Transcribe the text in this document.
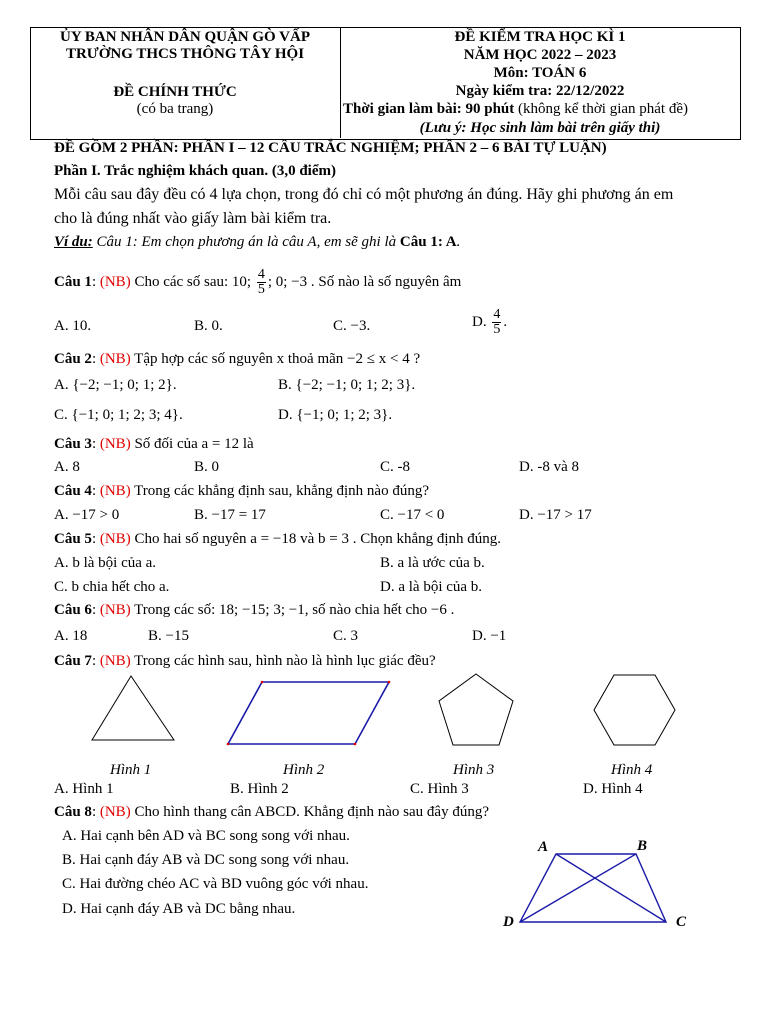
ỦY BAN NHÂN DÂN QUẬN GÒ VẤP
TRƯỜNG THCS THÔNG TÂY HỘI
ĐỀ CHÍNH THỨC
(có ba trang)
ĐỀ KIỂM TRA HỌC KÌ 1
NĂM HỌC 2022 – 2023
Môn: TOÁN 6
Ngày kiểm tra: 22/12/2022
Thời gian làm bài: 90 phút (không kể thời gian phát đề)
(Lưu ý: Học sinh làm bài trên giấy thi)
ĐỀ GỒM 2 PHẦN: PHẦN I – 12 CÂU TRẮC NGHIỆM; PHẦN 2 – 6 BÀI TỰ LUẬN)
Phần I. Trắc nghiệm khách quan. (3,0 điểm)
Mỗi câu sau đây đều có 4 lựa chọn, trong đó chỉ có một phương án đúng. Hãy ghi phương án em
cho là đúng nhất vào giấy làm bài kiểm tra.
Ví du: Câu 1: Em chọn phương án là câu A, em sẽ ghi là Câu 1: A.
Câu 1: (NB) Cho các số sau: 10; $\frac{4}{5}$ ; 0; −3 . Số nào là số nguyên âm
A. 10.	B. 0.	C. −3.	D. $\frac{4}{5}$ .
Câu 2: (NB) Tập hợp các số nguyên x thoả mãn −2 ≤ x < 4 ?
A. {−2; −1; 0; 1; 2}.	B. {−2; −1; 0; 1; 2; 3}.
C. {−1; 0; 1; 2; 3; 4}.	D. {−1; 0; 1; 2; 3}.
Câu 3: (NB) Số đối của a = 12 là
A. 8	B. 0	C. -8	D. -8 và 8
Câu 4: (NB) Trong các khẳng định sau, khẳng định nào đúng?
A. −17 > 0	B. −17 = 17	C. −17 < 0	D. −17 > 17
Câu 5: (NB) Cho hai số nguyên a = −18 và b = 3 . Chọn khẳng định đúng.
A. b là bội của a.	B. a là ước của b.
C. b chia hết cho a.	D. a là bội của b.
Câu 6: (NB) Trong các số: 18; −15; 3; −1, số nào chia hết cho −6 .
A. 18	B. −15	C. 3	D. −1
Câu 7: (NB) Trong các hình sau, hình nào là hình lục giác đều?
Hình 1	Hình 2	Hình 3	Hình 4
A. Hình 1	B. Hình 2	C. Hình 3	D. Hình 4
Câu 8: (NB) Cho hình thang cân ABCD. Khẳng định nào sau đây đúng?
A. Hai cạnh bên AD và BC song song với nhau.
B. Hai cạnh đáy AB và DC song song với nhau.
C. Hai đường chéo AC và BD vuông góc với nhau.
D. Hai cạnh đáy AB và DC bằng nhau.
A	B
C
D
